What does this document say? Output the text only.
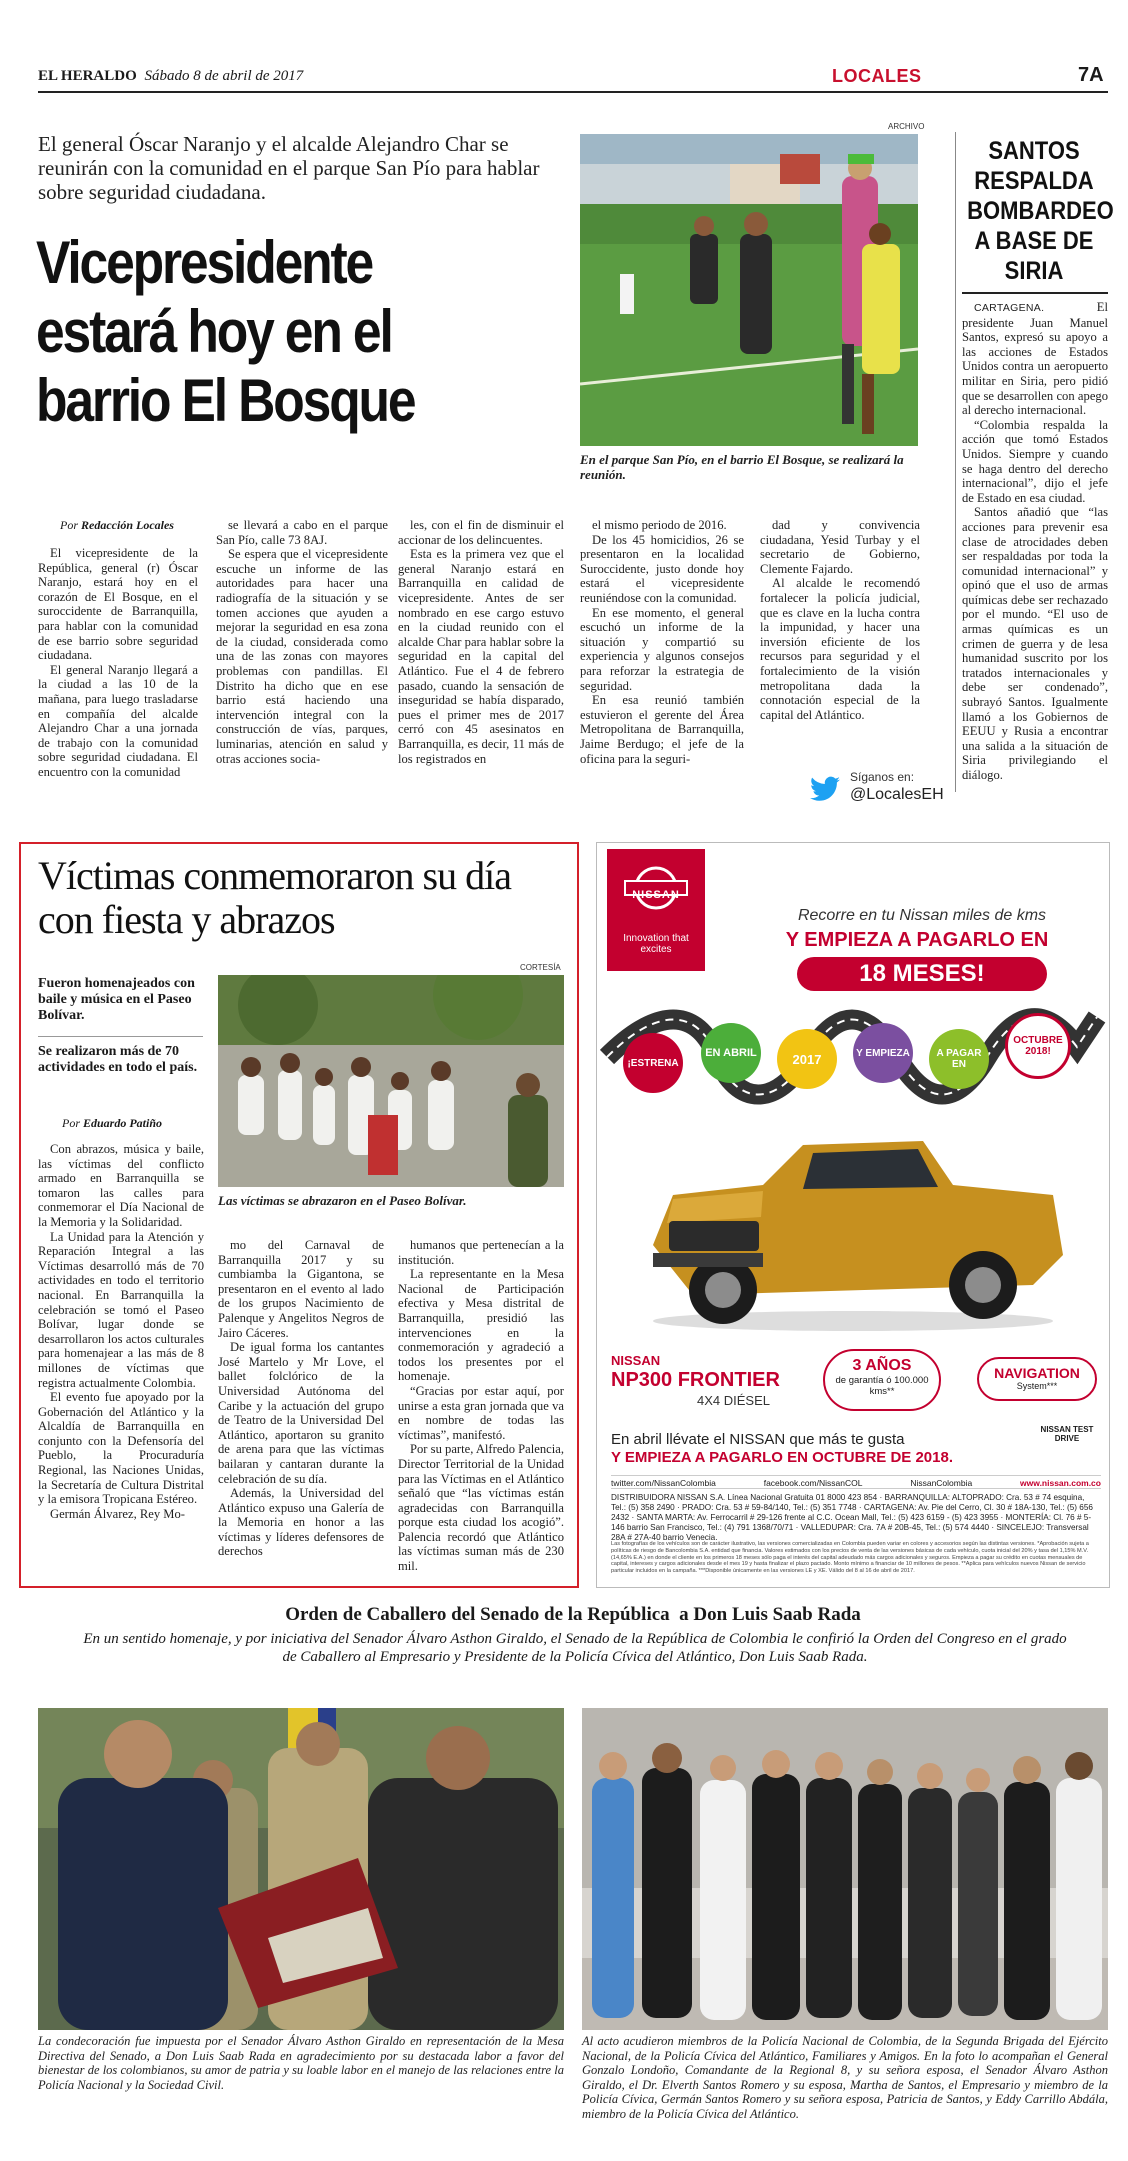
EL HERALDO Sábado 8 de abril de 2017	LOCALES	7A
El general Óscar Naranjo y el alcalde Alejandro Char se reunirán con la comunidad en el parque San Pío para hablar sobre seguridad ciudadana.
Vicepresidente estará hoy en el barrio El Bosque
Por Redacción Locales

El vicepresidente de la República, general (r) Óscar Naranjo, estará hoy en el corazón de El Bosque, en el suroccidente de Barranquilla, para hablar con la comunidad de ese barrio sobre seguridad ciudadana.

El general Naranjo llegará a la ciudad a las 10 de la mañana, para luego trasladarse en compañía del alcalde Alejandro Char a una jornada de trabajo con la comunidad sobre seguridad ciudadana. El encuentro con la comunidad

se llevará a cabo en el parque San Pío, calle 73 8AJ.

Se espera que el vicepresidente escuche un informe de las autoridades para hacer una radiografía de la situación y se tomen acciones que ayuden a mejorar la seguridad en esa zona de la ciudad, considerada como una de las zonas con mayores problemas con pandillas. El Distrito ha dicho que en ese barrio está haciendo una intervención integral con la construcción de vías, parques, luminarias, atención en salud y otras acciones socia-

les, con el fin de disminuir el accionar de los delincuentes.

Esta es la primera vez que el general Naranjo estará en Barranquilla en calidad de vicepresidente. Antes de ser nombrado en ese cargo estuvo en la ciudad reunido con el alcalde Char para hablar sobre la seguridad en la capital del Atlántico. Fue el 4 de febrero pasado, cuando la sensación de inseguridad se había disparado, pues el primer mes de 2017 cerró con 45 asesinatos en Barranquilla, es decir, 11 más de los registrados en

el mismo periodo de 2016.

De los 45 homicidios, 26 se presentaron en la localidad Suroccidente, justo donde hoy estará el vicepresidente reuniéndose con la comunidad.

En ese momento, el general escuchó un informe de la situación y compartió su experiencia y algunos consejos para reforzar la estrategia de seguridad.

En esa reunió también estuvieron el gerente del Área Metropolitana de Barranquilla, Jaime Berdugo; el jefe de la oficina para la seguri-

dad y convivencia ciudadana, Yesid Turbay y el secretario de Gobierno, Clemente Fajardo.

Al alcalde le recomendó fortalecer la policía judicial, que es clave en la lucha contra la impunidad, y hacer una inversión eficiente de los recursos para seguridad y el fortalecimiento de la visión metropolitana dada la connotación especial de la capital del Atlántico.

ARCHIVO
En el parque San Pío, en el barrio El Bosque, se realizará la reunión.
Síganos en:
@LocalesEH
SANTOS RESPALDA BOMBARDEO A BASE DE SIRIA

CARTAGENA.	El presidente Juan Manuel Santos, expresó su apoyo a las acciones de Estados Unidos contra un aeropuerto militar en Siria, pero pidió que se desarrollen con apego al derecho internacional.

“Colombia respalda la acción que tomó Estados Unidos. Siempre y cuando se haga dentro del derecho internacional”, dijo el jefe de Estado en esa ciudad.

Santos añadió que “las acciones para prevenir esa clase de atrocidades deben ser respaldadas por toda la comunidad internacional” y opinó que el uso de armas químicas debe ser rechazado por el mundo. “El uso de armas químicas es un crimen de guerra y de lesa humanidad suscrito por los tratados internacionales y debe ser condenado”, subrayó Santos. Igualmente llamó a los Gobiernos de EEUU y Rusia a encontrar una salida a la situación de Siria privilegiando el diálogo.

Víctimas conmemoraron su día con fiesta y abrazos
Fueron homenajeados con baile y música en el Paseo Bolívar.
Se realizaron más de 70 actividades en todo el país.
Por Eduardo Patiño
CORTESÍA
Las víctimas se abrazaron en el Paseo Bolívar.

Con abrazos, música y baile, las víctimas del conflicto armado en Barranquilla se tomaron las calles para conmemorar el Día Nacional de la Memoria y la Solidaridad.

La Unidad para la Atención y Reparación Integral a las Víctimas desarrolló más de 70 actividades en todo el territorio nacional. En Barranquilla la celebración se tomó el Paseo Bolívar, lugar donde se desarrollaron los actos culturales para homenajear a las más de 8 millones de víctimas que registra actualmente Colombia.

El evento fue apoyado por la Gobernación del Atlántico y la Alcaldía de Barranquilla en conjunto con la Defensoría del Pueblo, la Procuraduría Regional, las Naciones Unidas, la Secretaría de Cultura Distrital y la emisora Tropicana Estéreo.

Germán Álvarez, Rey Mo-

mo del Carnaval de Barranquilla 2017 y su cumbiamba la Gigantona, se presentaron en el evento al lado de los grupos Nacimiento de Palenque y Angelitos Negros de Jairo Cáceres.

De igual forma los cantantes José Martelo y Mr Love, el ballet folclórico de la Universidad Autónoma del Caribe y la actuación del grupo de Teatro de la Universidad Del Atlántico, aportaron su granito de arena para que las víctimas bailaran y cantaran durante la celebración de su día.

Además, la Universidad del Atlántico expuso una Galería de la Memoria en honor a las víctimas y líderes defensores de derechos

humanos que pertenecían a la institución.

La representante en la Mesa Nacional de Participación efectiva y Mesa distrital de Barranquilla, presidió las intervenciones en la conmemoración y agradeció a todos los presentes por el homenaje.

“Gracias por estar aquí, por unirse a esta gran jornada que va en nombre de todas las víctimas”, manifestó.

Por su parte, Alfredo Palencia, Director Territorial de la Unidad para las Víctimas en el Atlántico señaló que “las víctimas están agradecidas con Barranquilla porque esta ciudad los acogió”. Palencia recordó que Atlántico las víctimas suman más de 230 mil.

NISSAN
Innovation that excites
Recorre en tu Nissan miles de kms
Y EMPIEZA A PAGARLO EN
18 MESES!
¡ESTRENA
EN ABRIL	2017	Y EMPIEZA	A PAGAR EN
OCTUBRE 2018!
NISSAN
NP300 FRONTIER
4X4 DIÉSEL
3 AÑOS
de garantía ó 100.000 kms**
NAVIGATION
System***
En abril llévate el NISSAN que más te gusta
Y EMPIEZA A PAGARLO EN OCTUBRE DE 2018.
NISSAN TEST DRIVE
twitter.com/NissanColombia	facebook.com/NissanCOL	NissanColombia	www.nissan.com.co
DISTRIBUIDORA NISSAN S.A. Línea Nacional Gratuita 01 8000 423 854 · BARRANQUILLA: ALTOPRADO: Cra. 53 # 74 esquina, Tel.: (5) 358 2490 · PRADO: Cra. 53 # 59-84/140, Tel.: (5) 351 7748 · CARTAGENA: Av. Pie del Cerro, Cl. 30 # 18A-130, Tel.: (5) 656 2432 · SANTA MARTA: Av. Ferrocarril # 29-126 frente al C.C. Ocean Mall, Tel.: (5) 423 6159 - (5) 423 3955 · MONTERÍA: Cl. 76 # 5-146 barrio San Francisco, Tel.: (4) 791 1368/70/71 · VALLEDUPAR: Cra. 7A # 20B-45, Tel.: (5) 574 4440 · SINCELEJO: Transversal 28A # 27A-40 barrio Venecia.
Las fotografías de los vehículos son de carácter ilustrativo, las versiones comercializadas en Colombia pueden variar en colores y accesorios según las distintas versiones. *Aprobación sujeta a políticas de riesgo de Bancolombia S.A. entidad que financia. Valores estimados con los precios de venta de las versiones básicas de cada vehículo, cuota inicial del 20% y tasa del 1,15% M.V. (14,65% E.A.) en donde el cliente en los primeros 18 meses sólo paga el interés del capital adeudado más cargos adicionales y seguros. Empieza a pagar su crédito en cuotas mensuales de capital, intereses y cargos adicionales desde el mes 19 y hasta finalizar el plazo pactado. Monto mínimo a financiar de 10 millones de pesos. **Aplica para vehículos nuevos Nissan de servicio particular incluidos en la campaña. ***Disponible únicamente en las versiones LE y XE. Válido del 8 al 16 de abril de 2017.
Orden de Caballero del Senado de la República  a Don Luis Saab Rada
En un sentido homenaje, y por iniciativa del Senador Álvaro Asthon Giraldo, el Senado de la República de Colombia le confirió la Orden del Congreso en el grado de Caballero al Empresario y Presidente de la Policía Cívica del Atlántico, Don Luis Saab Rada.
La condecoración fue impuesta por el Senador Álvaro Asthon Giraldo en representación de la Mesa Directiva del Senado, a Don Luis Saab Rada en agradecimiento por su destacada labor a favor del bienestar de los colombianos, su amor de patria y su loable labor en el manejo de las relaciones entre la Policía Nacional y la Sociedad Civil.
Al acto acudieron miembros de la Policía Nacional de Colombia, de la Segunda Brigada del Ejército Nacional, de la Policía Cívica del Atlántico, Familiares y Amigos. En la foto lo acompañan el General Gonzalo Londoño, Comandante de la Regional 8, y su señora esposa, el Senador Álvaro Asthon Giraldo, el Dr. Elverth Santos Romero y su esposa, Martha de Santos, el Empresario y miembro de la Policía Cívica, Germán Santos Romero y su señora esposa, Patricia de Santos, y Eddy Carrillo Abdála, miembro de la Policía Cívica del Atlántico.
